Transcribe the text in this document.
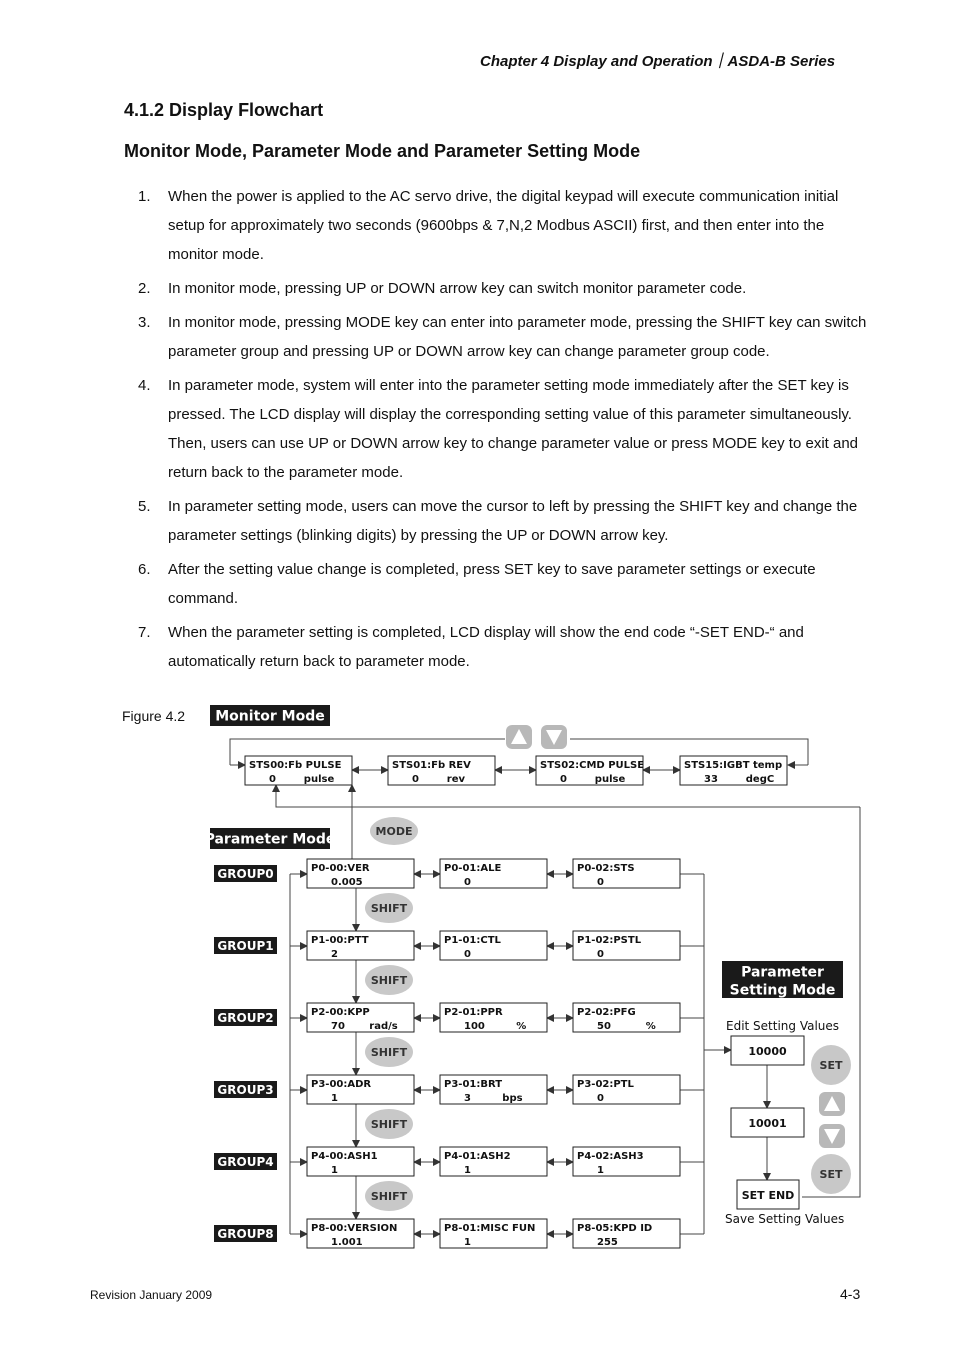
Chapter 4 Display and Operation｜ASDA-B Series
4.1.2 Display Flowchart
Monitor Mode, Parameter Mode and Parameter Setting Mode
1. When the power is applied to the AC servo drive, the digital keypad will execute communication initial setup for approximately two seconds (9600bps & 7,N,2 Modbus ASCII) first, and then enter into the monitor mode.
2. In monitor mode, pressing UP or DOWN arrow key can switch monitor parameter code.
3. In monitor mode, pressing MODE key can enter into parameter mode, pressing the SHIFT key can switch parameter group and pressing UP or DOWN arrow key can change parameter group code.
4. In parameter mode, system will enter into the parameter setting mode immediately after the SET key is pressed. The LCD display will display the corresponding setting value of this parameter simultaneously. Then, users can use UP or DOWN arrow key to change parameter value or press MODE key to exit and return back to the parameter mode.
5. In parameter setting mode, users can move the cursor to left by pressing the SHIFT key and change the parameter settings (blinking digits) by pressing the UP or DOWN arrow key.
6. After the setting value change is completed, press SET key to save parameter settings or execute command.
7. When the parameter setting is completed, LCD display will show the end code “-SET END-“ and automatically return back to parameter mode.
Figure 4.2 Monitor Mode
STS00:Fb PULSE
0        pulse
STS01:Fb REV
0        rev
STS02:CMD PULSE
0        pulse
STS15:IGBT temp
33        degC
Parameter Mode
MODE
GROUP0	P0-00:VER
0.005
P0-01:ALE
0
P0-02:STS
0
SHIFT
GROUP1	P1-00:PTT
2
P1-01:CTL
0
P1-02:PSTL
0
SHIFT
GROUP2	P2-00:KPP
70       rad/s
P2-01:PPR
100         %
P2-02:PFG
50          %
SHIFT
GROUP3	P3-00:ADR
1
P3-01:BRT
3         bps
P3-02:PTL
0
SHIFT
GROUP4	P4-00:ASH1
1
P4-01:ASH2
1
P4-02:ASH3
1
SHIFT
GROUP8	P8-00:VERSION
1.001
P8-01:MISC FUN
1
P8-05:KPD ID
255
Parameter
Setting Mode
Edit Setting Values
10000
10001
SET END
SET
SET
Save Setting Values
Revision January 2009	4-3
